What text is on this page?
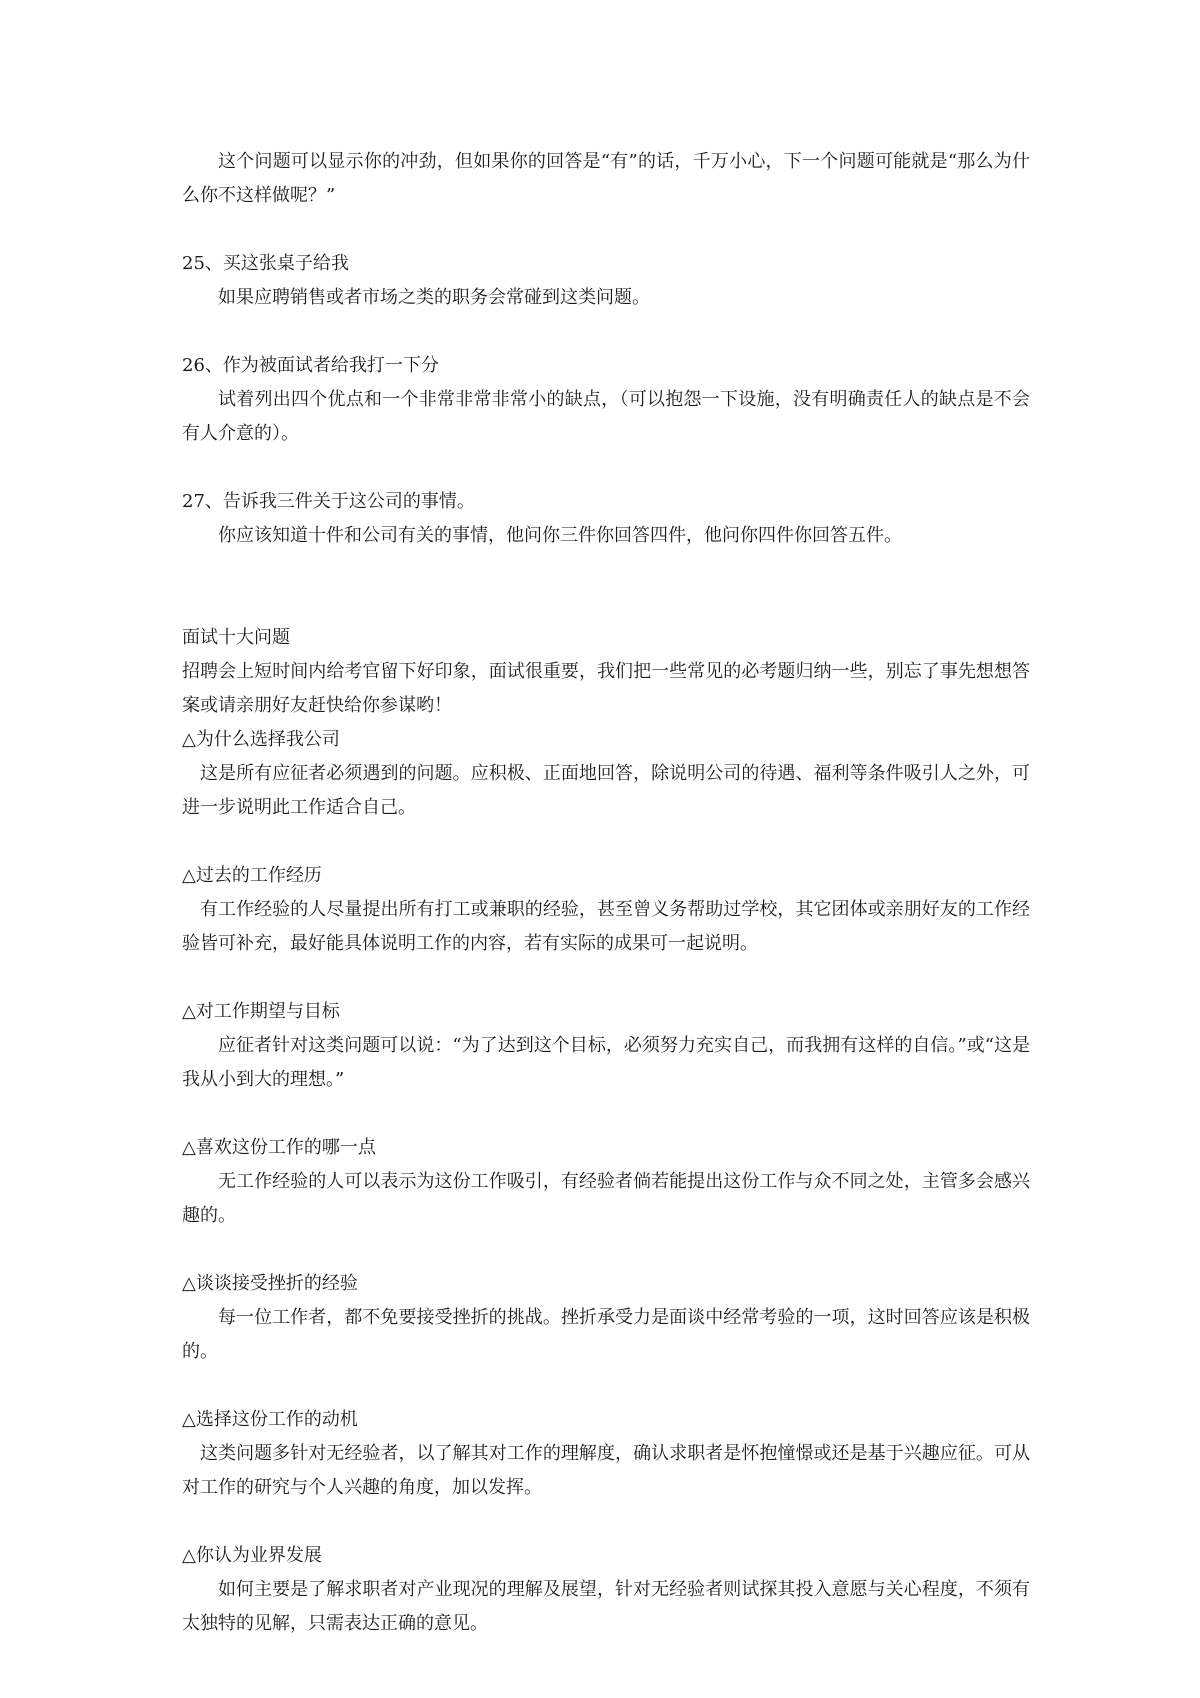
这个问题可以显示你的冲劲，但如果你的回答是“有”的话，千万小心，下一个问题可能就是“那么为什么你不这样做呢？”

25、买这张桌子给我

如果应聘销售或者市场之类的职务会常碰到这类问题。

26、作为被面试者给我打一下分

试着列出四个优点和一个非常非常非常小的缺点，（可以抱怨一下设施，没有明确责任人的缺点是不会有人介意的）。

27、告诉我三件关于这公司的事情。

你应该知道十件和公司有关的事情，他问你三件你回答四件，他问你四件你回答五件。

面试十大问题

招聘会上短时间内给考官留下好印象，面试很重要，我们把一些常见的必考题归纳一些，别忘了事先想想答案或请亲朋好友赶快给你参谋哟！

△为什么选择我公司

这是所有应征者必须遇到的问题。应积极、正面地回答，除说明公司的待遇、福利等条件吸引人之外，可进一步说明此工作适合自己。

△过去的工作经历

有工作经验的人尽量提出所有打工或兼职的经验，甚至曾义务帮助过学校，其它团体或亲朋好友的工作经验皆可补充，最好能具体说明工作的内容，若有实际的成果可一起说明。

△对工作期望与目标

应征者针对这类问题可以说：“为了达到这个目标，必须努力充实自己，而我拥有这样的自信。”或“这是我从小到大的理想。”

△喜欢这份工作的哪一点

无工作经验的人可以表示为这份工作吸引，有经验者倘若能提出这份工作与众不同之处，主管多会感兴趣的。

△谈谈接受挫折的经验

每一位工作者，都不免要接受挫折的挑战。挫折承受力是面谈中经常考验的一项，这时回答应该是积极的。

△选择这份工作的动机

这类问题多针对无经验者，以了解其对工作的理解度，确认求职者是怀抱憧憬或还是基于兴趣应征。可从对工作的研究与个人兴趣的角度，加以发挥。

△你认为业界发展

如何主要是了解求职者对产业现况的理解及展望，针对无经验者则试探其投入意愿与关心程度，不须有太独特的见解，只需表达正确的意见。
